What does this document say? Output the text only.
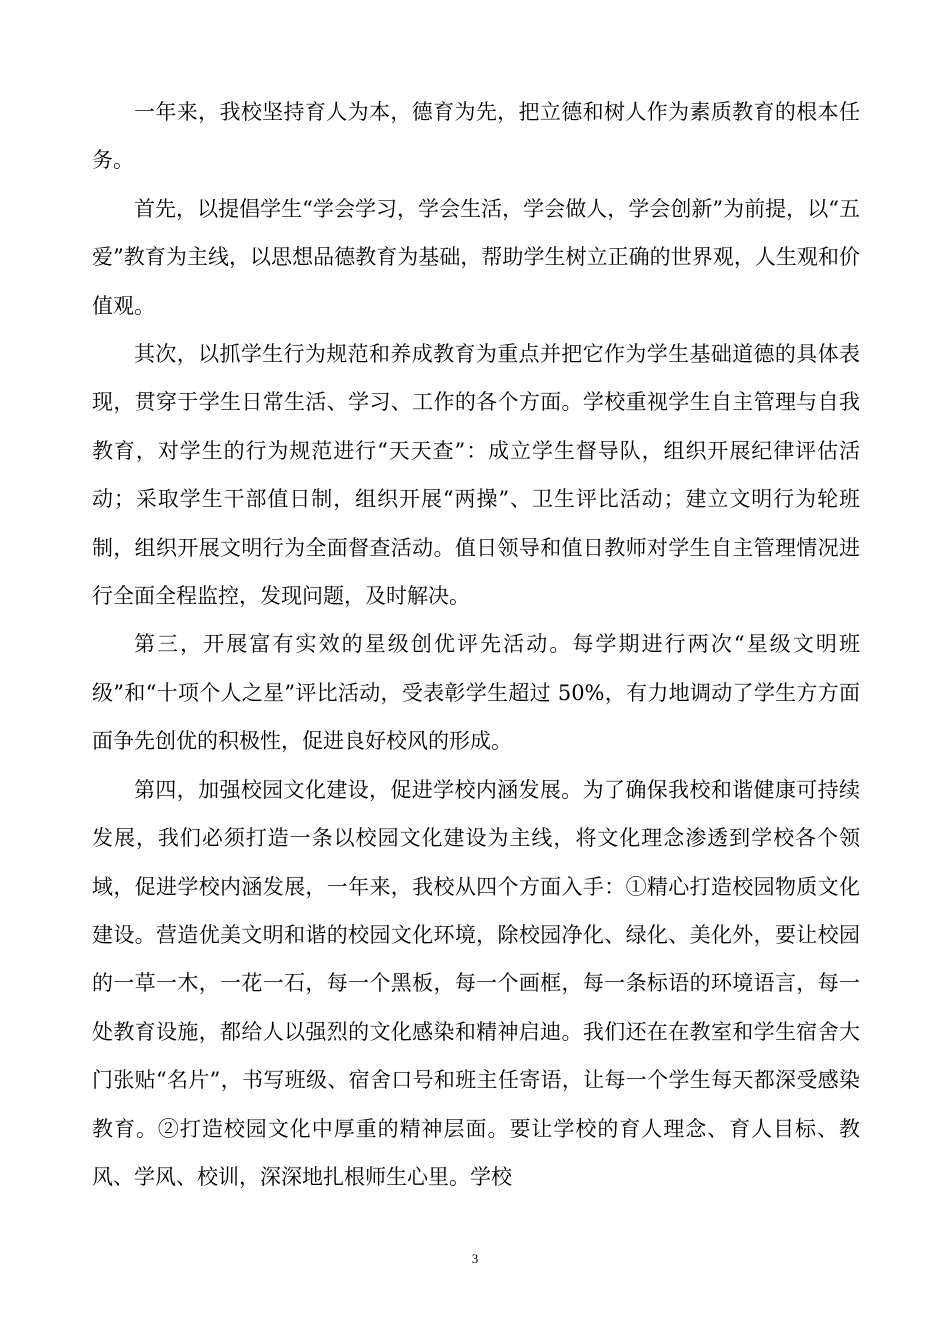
一年来，我校坚持育人为本，德育为先，把立德和树人作为素质教育的根本任务。

首先，以提倡学生“学会学习，学会生活，学会做人，学会创新”为前提，以“五爱”教育为主线，以思想品德教育为基础，帮助学生树立正确的世界观，人生观和价值观。

其次，以抓学生行为规范和养成教育为重点并把它作为学生基础道德的具体表现，贯穿于学生日常生活、学习、工作的各个方面。学校重视学生自主管理与自我教育，对学生的行为规范进行“天天查”：成立学生督导队，组织开展纪律评估活动；采取学生干部值日制，组织开展“两操”、卫生评比活动；建立文明行为轮班制，组织开展文明行为全面督查活动。值日领导和值日教师对学生自主管理情况进行全面全程监控，发现问题，及时解决。

第三，开展富有实效的星级创优评先活动。每学期进行两次“星级文明班级”和“十项个人之星”评比活动，受表彰学生超过 50%，有力地调动了学生方方面面争先创优的积极性，促进良好校风的形成。

第四，加强校园文化建设，促进学校内涵发展。为了确保我校和谐健康可持续发展，我们必须打造一条以校园文化建设为主线，将文化理念渗透到学校各个领域，促进学校内涵发展，一年来，我校从四个方面入手：①精心打造校园物质文化建设。营造优美文明和谐的校园文化环境，除校园净化、绿化、美化外，要让校园的一草一木，一花一石，每一个黑板，每一个画框，每一条标语的环境语言，每一处教育设施，都给人以强烈的文化感染和精神启迪。我们还在在教室和学生宿舍大门张贴“名片”，书写班级、宿舍口号和班主任寄语，让每一个学生每天都深受感染教育。②打造校园文化中厚重的精神层面。要让学校的育人理念、育人目标、教风、学风、校训，深深地扎根师生心里。学校

3
